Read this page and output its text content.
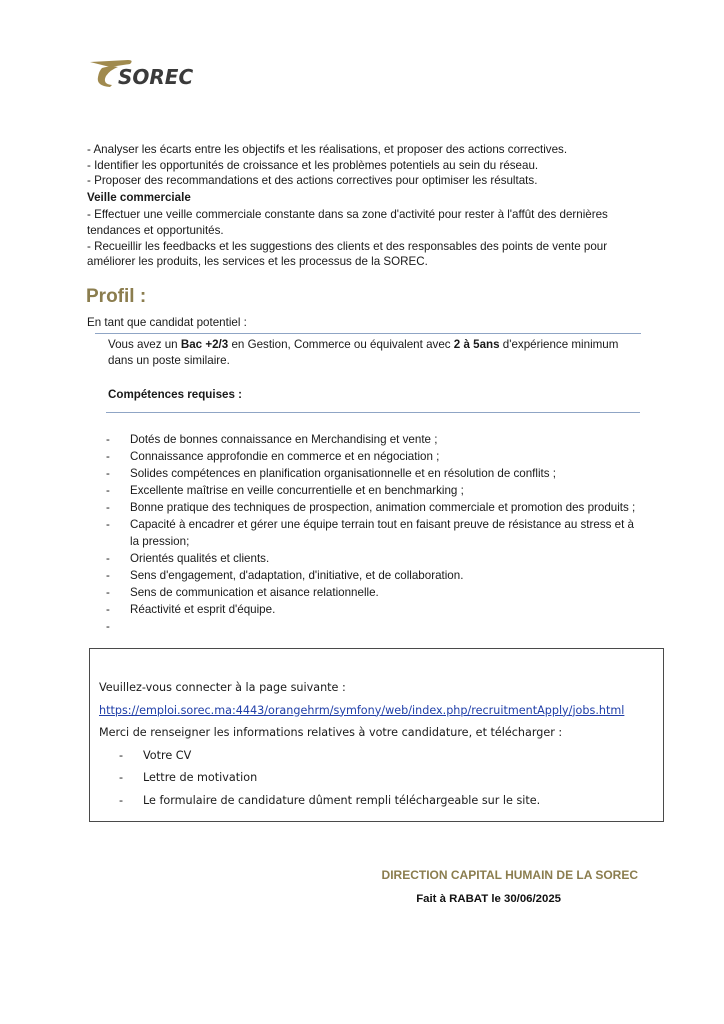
SOREC

- Analyser les écarts entre les objectifs et les réalisations, et proposer des actions correctives.

- Identifier les opportunités de croissance et les problèmes potentiels au sein du réseau.

- Proposer des recommandations et des actions correctives pour optimiser les résultats.

Veille commerciale

- Effectuer une veille commerciale constante dans sa zone d'activité pour rester à l'affût des dernières tendances et opportunités.

- Recueillir les feedbacks et les suggestions des clients et des responsables des points de vente pour améliorer les produits, les services et les processus de la SOREC.

Profil :
En tant que candidat potentiel :
Vous avez un Bac +2/3 en Gestion, Commerce ou équivalent avec 2 à 5ans d'expérience minimum dans un poste similaire.
Compétences requises :
- Dotés de bonnes connaissance en Merchandising et vente ;
- Connaissance approfondie en commerce et en négociation ;
- Solides compétences en planification organisationnelle et en résolution de conflits ;
- Excellente maîtrise en veille concurrentielle et en benchmarking ;
- Bonne pratique des techniques de prospection, animation commerciale et promotion des produits ;
- Capacité à encadrer et gérer une équipe terrain tout en faisant preuve de résistance au stress et à la pression;
- Orientés qualités et clients.
- Sens d'engagement, d'adaptation, d'initiative, et de collaboration.
- Sens de communication et aisance relationnelle.
- Réactivité et esprit d'équipe.
-

Veuillez-vous connecter à la page suivante :

https://emploi.sorec.ma:4443/orangehrm/symfony/web/index.php/recruitmentApply/jobs.html

Merci de renseigner les informations relatives à votre candidature, et télécharger :

- Votre CV
- Lettre de motivation
- Le formulaire de candidature dûment rempli téléchargeable sur le site.
DIRECTION CAPITAL HUMAIN DE LA SOREC
Fait à RABAT le 30/06/2025
